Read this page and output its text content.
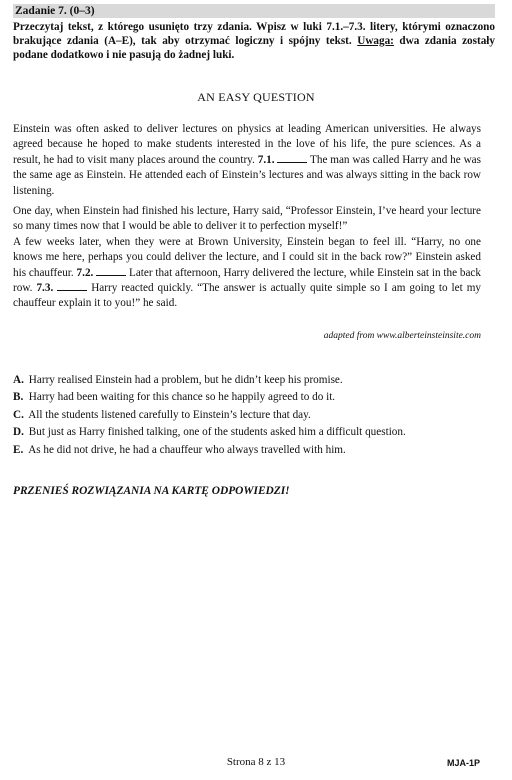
Zadanie 7. (0–3)
Przeczytaj tekst, z którego usunięto trzy zdania. Wpisz w luki 7.1.–7.3. litery, którymi oznaczono brakujące zdania (A–E), tak aby otrzymać logiczny i spójny tekst. Uwaga: dwa zdania zostały podane dodatkowo i nie pasują do żadnej luki.
AN EASY QUESTION

Einstein was often asked to deliver lectures on physics at leading American universities. He always agreed because he hoped to make students interested in the love of his life, the pure sciences. As a result, he had to visit many places around the country. 7.1.	The man was called Harry and he was the same age as Einstein. He attended each of Einstein’s lectures and was always sitting in the back row listening.

One day, when Einstein had finished his lecture, Harry said, “Professor Einstein, I’ve heard your lecture so many times now that I would be able to deliver it to perfection myself!”

A few weeks later, when they were at Brown University, Einstein began to feel ill. “Harry, no one knows me here, perhaps you could deliver the lecture, and I could sit in the back row?” Einstein asked his chauffeur. 7.2.	Later that afternoon, Harry delivered the lecture, while Einstein sat in the back row. 7.3.	Harry reacted quickly. “The answer is actually quite simple so I am going to let my chauffeur explain it to you!” he said.

adapted from www.alberteinsteinsite.com
A. Harry realised Einstein had a problem, but he didn’t keep his promise.
B. Harry had been waiting for this chance so he happily agreed to do it.
C. All the students listened carefully to Einstein’s lecture that day.
D. But just as Harry finished talking, one of the students asked him a difficult question.
E. As he did not drive, he had a chauffeur who always travelled with him.
PRZENIEŚ ROZWIĄZANIA NA KARTĘ ODPOWIEDZI!
Strona 8 z 13	MJA-1P
